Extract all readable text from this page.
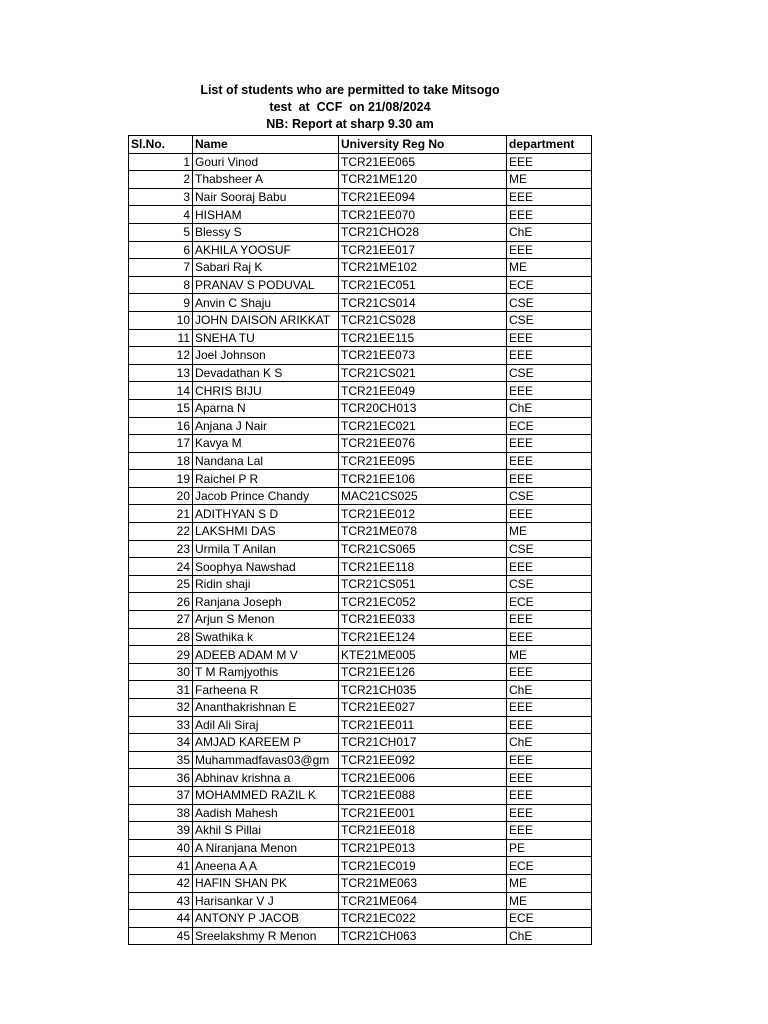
List of students who are permitted to take Mitsogo
test  at  CCF  on 21/08/2024
NB: Report at sharp 9.30 am
Sl.No.	Name	University Reg No	department
1	Gouri Vinod	TCR21EE065	EEE
2	Thabsheer A	TCR21ME120	ME
3	Nair Sooraj Babu	TCR21EE094	EEE
4	HISHAM	TCR21EE070	EEE
5	Blessy S	TCR21CHO28	ChE
6	AKHILA YOOSUF	TCR21EE017	EEE
7	Sabari Raj K	TCR21ME102	ME
8	PRANAV S PODUVAL	TCR21EC051	ECE
9	Anvin C Shaju	TCR21CS014	CSE
10	JOHN DAISON ARIKKAT	TCR21CS028	CSE
11	SNEHA TU	TCR21EE115	EEE
12	Joel Johnson	TCR21EE073	EEE
13	Devadathan K S	TCR21CS021	CSE
14	CHRIS BIJU	TCR21EE049	EEE
15	Aparna N	TCR20CH013	ChE
16	Anjana J Nair	TCR21EC021	ECE
17	Kavya M	TCR21EE076	EEE
18	Nandana Lal	TCR21EE095	EEE
19	Raichel P R	TCR21EE106	EEE
20	Jacob Prince Chandy	MAC21CS025	CSE
21	ADITHYAN S D	TCR21EE012	EEE
22	LAKSHMI DAS	TCR21ME078	ME
23	Urmila T Anilan	TCR21CS065	CSE
24	Soophya Nawshad	TCR21EE118	EEE
25	Ridin shaji	TCR21CS051	CSE
26	Ranjana Joseph	TCR21EC052	ECE
27	Arjun S Menon	TCR21EE033	EEE
28	Swathika k	TCR21EE124	EEE
29	ADEEB ADAM M V	KTE21ME005	ME
30	T M Ramjyothis	TCR21EE126	EEE
31	Farheena R	TCR21CH035	ChE
32	Ananthakrishnan E	TCR21EE027	EEE
33	Adil Ali Siraj	TCR21EE011	EEE
34	AMJAD KAREEM P	TCR21CH017	ChE
35	Muhammadfavas03@gm	TCR21EE092	EEE
36	Abhinav krishna a	TCR21EE006	EEE
37	MOHAMMED RAZIL K	TCR21EE088	EEE
38	Aadish Mahesh	TCR21EE001	EEE
39	Akhil S Pillai	TCR21EE018	EEE
40	A Niranjana Menon	TCR21PE013	PE
41	Aneena A A	TCR21EC019	ECE
42	HAFIN SHAN PK	TCR21ME063	ME
43	Harisankar V J	TCR21ME064	ME
44	ANTONY P JACOB	TCR21EC022	ECE
45	Sreelakshmy R Menon	TCR21CH063	ChE
